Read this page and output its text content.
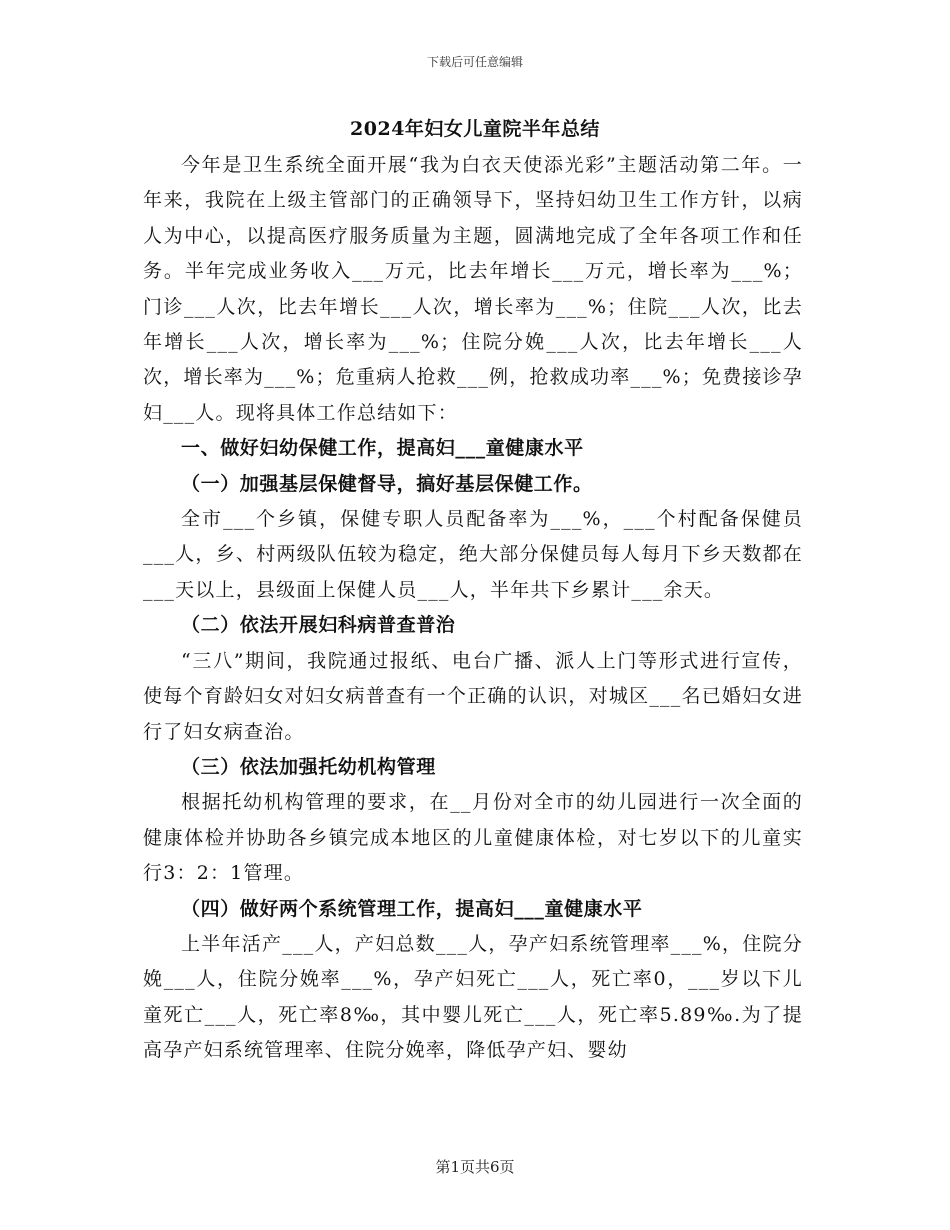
下载后可任意编辑
2024年妇女儿童院半年总结

今年是卫生系统全面开展“我为白衣天使添光彩”主题活动第二年。一年来，我院在上级主管部门的正确领导下，坚持妇幼卫生工作方针，以病人为中心，以提高医疗服务质量为主题，圆满地完成了全年各项工作和任务。半年完成业务收入___万元，比去年增长___万元，增长率为___%；门诊___人次，比去年增长___人次，增长率为___%；住院___人次，比去年增长___人次，增长率为___%；住院分娩___人次，比去年增长___人次，增长率为___%；危重病人抢救___例，抢救成功率___%；免费接诊孕妇___人。现将具体工作总结如下：

一、做好妇幼保健工作，提高妇___童健康水平

（一）加强基层保健督导，搞好基层保健工作。

全市___个乡镇，保健专职人员配备率为___%，___个村配备保健员___人，乡、村两级队伍较为稳定，绝大部分保健员每人每月下乡天数都在___天以上，县级面上保健人员___人，半年共下乡累计___余天。

（二）依法开展妇科病普查普治

“三八”期间，我院通过报纸、电台广播、派人上门等形式进行宣传，使每个育龄妇女对妇女病普查有一个正确的认识，对城区___名已婚妇女进行了妇女病查治。

（三）依法加强托幼机构管理

根据托幼机构管理的要求，在__月份对全市的幼儿园进行一次全面的健康体检并协助各乡镇完成本地区的儿童健康体检，对七岁以下的儿童实行3：2：1管理。

（四）做好两个系统管理工作，提高妇___童健康水平

上半年活产___人，产妇总数___人，孕产妇系统管理率___%，住院分娩___人，住院分娩率___%，孕产妇死亡___人，死亡率0，___岁以下儿童死亡___人，死亡率8‰，其中婴儿死亡___人，死亡率5.89‰.为了提高孕产妇系统管理率、住院分娩率，降低孕产妇、婴幼

第1页共6页
